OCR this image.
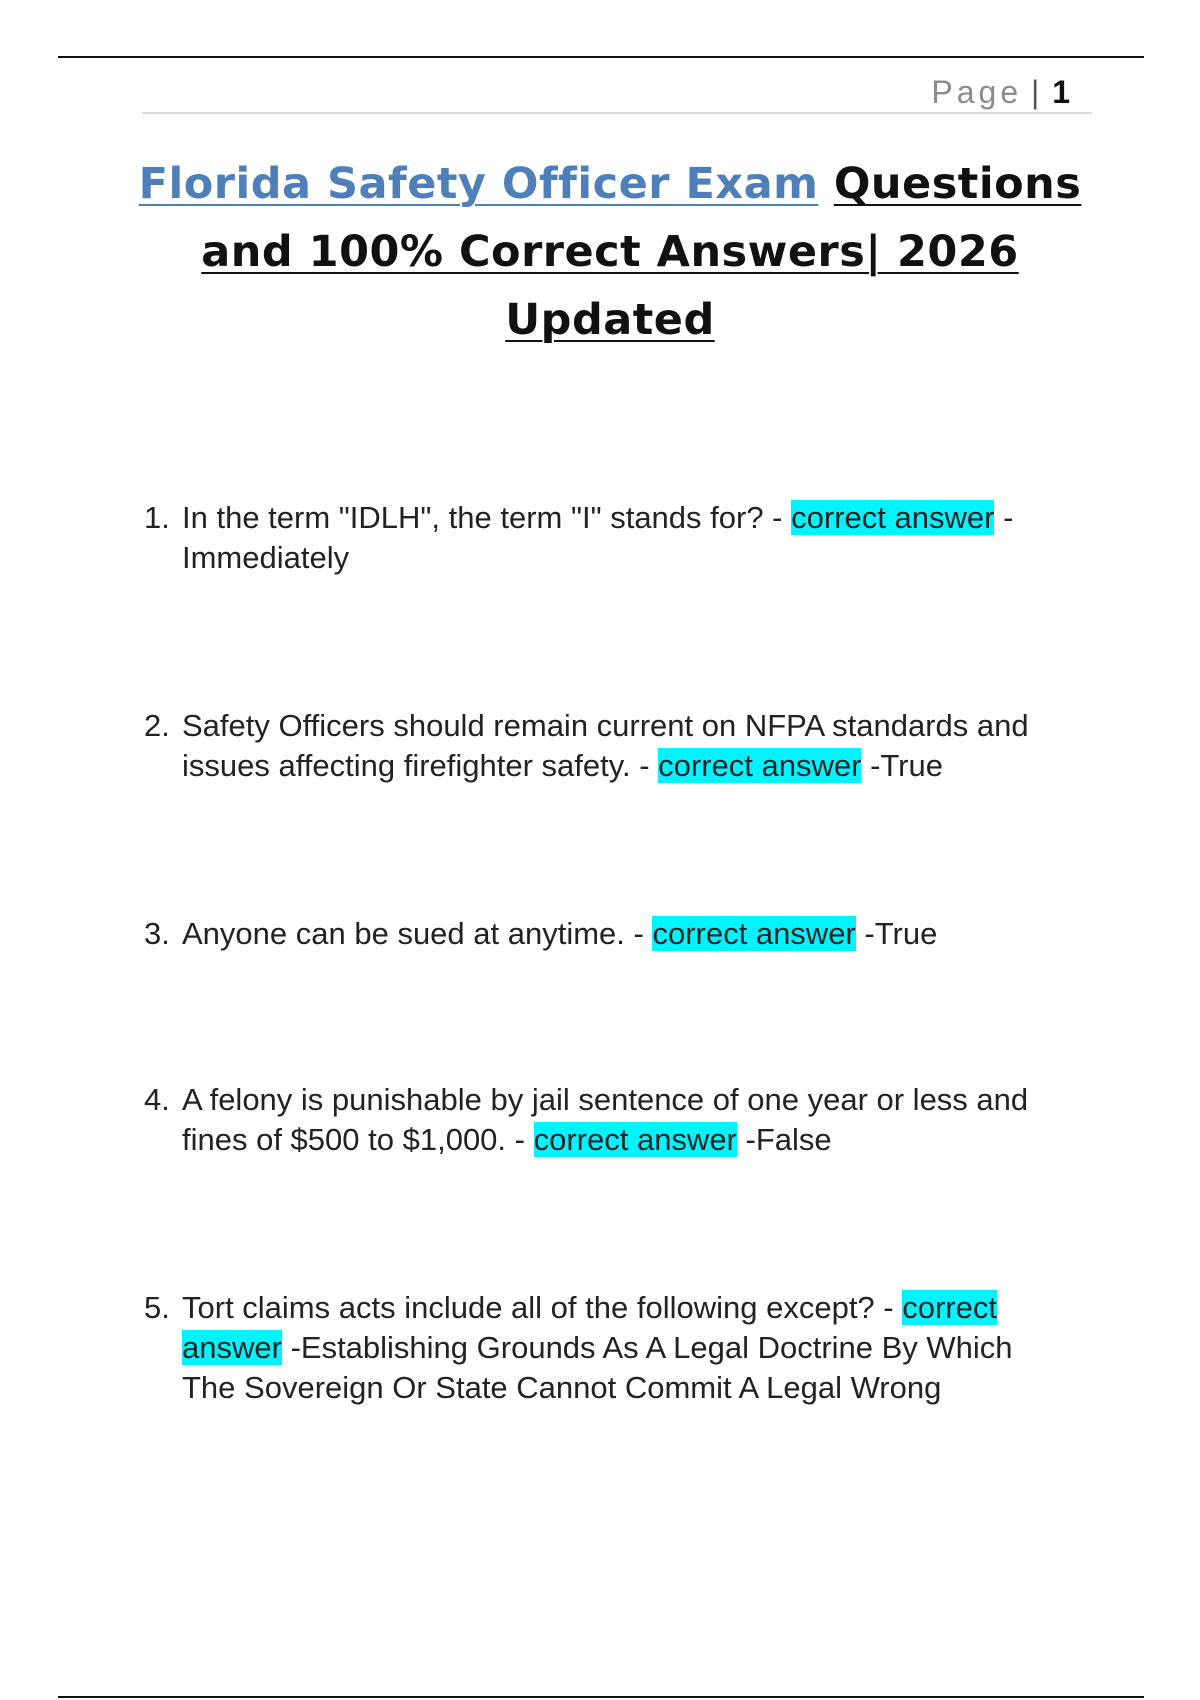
Page | 1
Florida Safety Officer Exam Questions and 100% Correct Answers| 2026 Updated
1. In the term "IDLH", the term "I" stands for? - correct answer - Immediately
2. Safety Officers should remain current on NFPA standards and issues affecting firefighter safety. - correct answer -True
3. Anyone can be sued at anytime. - correct answer -True
4. A felony is punishable by jail sentence of one year or less and fines of $500 to $1,000. - correct answer -False
5. Tort claims acts include all of the following except? - correct answer -Establishing Grounds As A Legal Doctrine By Which The Sovereign Or State Cannot Commit A Legal Wrong
